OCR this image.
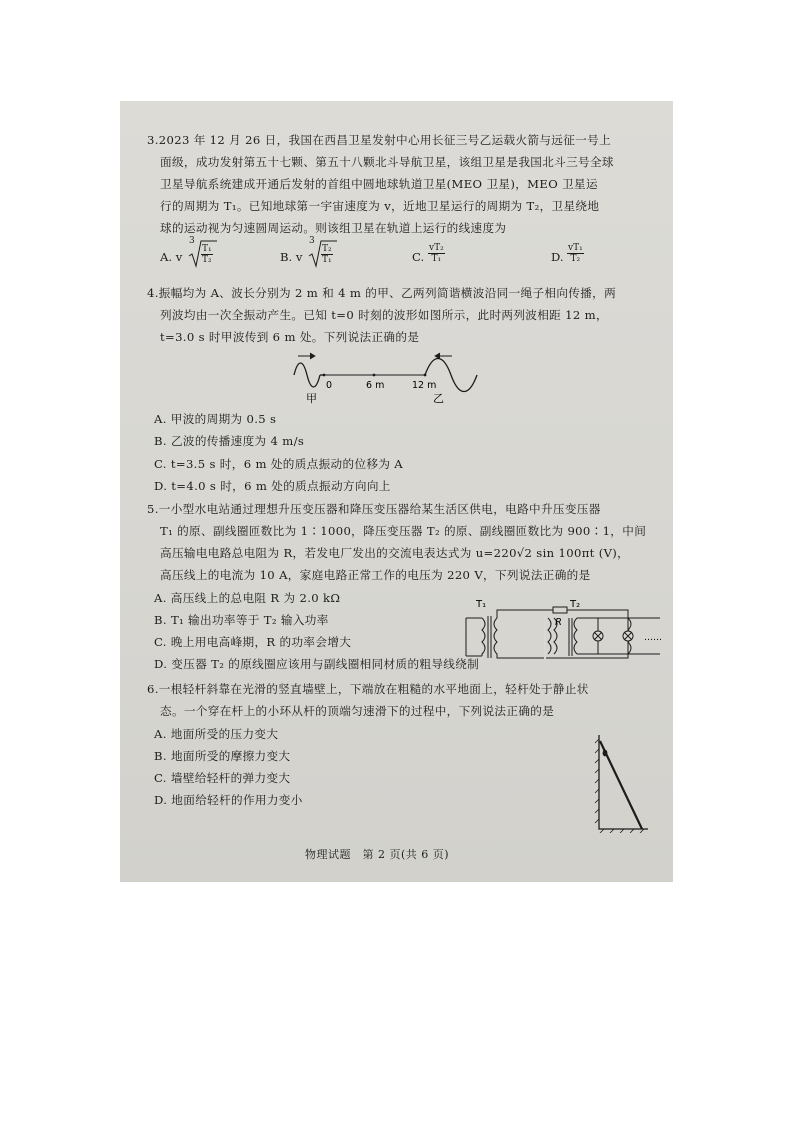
3.2023 年 12 月 26 日，我国在西昌卫星发射中心用长征三号乙运载火箭与远征一号上
面级，成功发射第五十七颗、第五十八颗北斗导航卫星，该组卫星是我国北斗三号全球
卫星导航系统建成开通后发射的首组中圆地球轨道卫星(MEO 卫星)，MEO 卫星运
行的周期为 T₁。已知地球第一宇宙速度为 v，近地卫星运行的周期为 T₂，卫星绕地
球的运动视为匀速圆周运动。则该组卫星在轨道上运行的线速度为
A. v
3
$\frac{\text{T₁}}{\text{T₂}}$	B. v
3
$\frac{\text{T₂}}{\text{T₁}}$	C. $\frac{\text{vT₂}}{\text{T₁}}$	D. $\frac{\text{vT₁}}{\text{T₂}}$
4.振幅均为 A、波长分别为 2 m 和 4 m 的甲、乙两列简谐横波沿同一绳子相向传播，两
列波均由一次全振动产生。已知 t=0 时刻的波形如图所示，此时两列波相距 12 m，
t=3.0 s 时甲波传到 6 m 处。下列说法正确的是
0	6 m	12 m
甲	乙
A. 甲波的周期为 0.5 s
B. 乙波的传播速度为 4 m/s
C. t=3.5 s 时，6 m 处的质点振动的位移为 A
D. t=4.0 s 时，6 m 处的质点振动方向向上
5.一小型水电站通过理想升压变压器和降压变压器给某生活区供电，电路中升压变压器
T₁ 的原、副线圈匝数比为 1∶1000，降压变压器 T₂ 的原、副线圈匝数比为 900∶1，中间
高压输电电路总电阻为 R，若发电厂发出的交流电表达式为 u=220√2 sin 100πt (V)，
高压线上的电流为 10 A，家庭电路正常工作的电压为 220 V，下列说法正确的是
A. 高压线上的总电阻 R 为 2.0 kΩ
B. T₁ 输出功率等于 T₂ 输入功率
C. 晚上用电高峰期，R 的功率会增大
D. 变压器 T₂ 的原线圈应该用与副线圈相同材质的粗导线绕制
T₁	T₂
R
……
6.一根轻杆斜靠在光滑的竖直墙壁上，下端放在粗糙的水平地面上，轻杆处于静止状
态。一个穿在杆上的小环从杆的顶端匀速滑下的过程中，下列说法正确的是
A. 地面所受的压力变大
B. 地面所受的摩擦力变大
C. 墙壁给轻杆的弹力变大
D. 地面给轻杆的作用力变小
物理试题　第 2 页(共 6 页)
